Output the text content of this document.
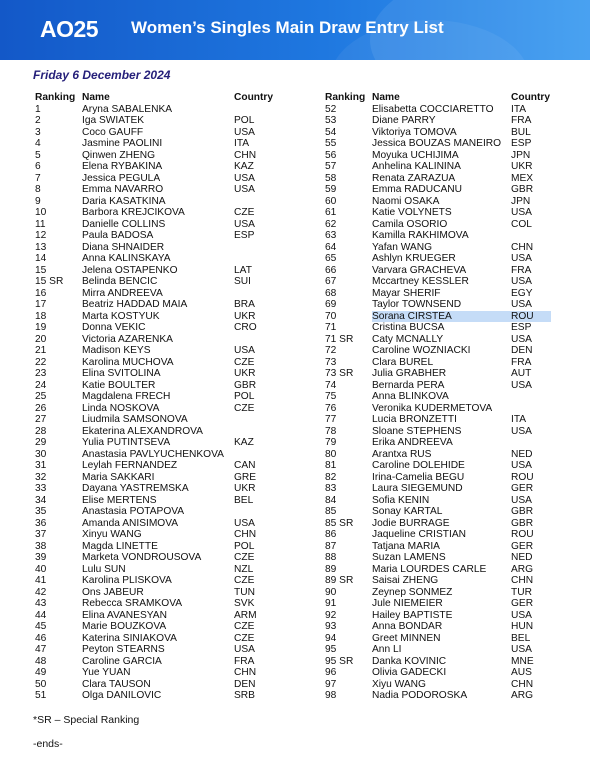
AO25 Women’s Singles Main Draw Entry List
Friday 6 December 2024
Ranking	Name	Country
1	Aryna SABALENKA	
2	Iga SWIATEK	POL
3	Coco GAUFF	USA
4	Jasmine PAOLINI	ITA
5	Qinwen ZHENG	CHN
6	Elena RYBAKINA	KAZ
7	Jessica PEGULA	USA
8	Emma NAVARRO	USA
9	Daria KASATKINA	
10	Barbora KREJCIKOVA	CZE
11	Danielle COLLINS	USA
12	Paula BADOSA	ESP
13	Diana SHNAIDER	
14	Anna KALINSKAYA	
15	Jelena OSTAPENKO	LAT
15 SR	Belinda BENCIC	SUI
16	Mirra ANDREEVA	
17	Beatriz HADDAD MAIA	BRA
18	Marta KOSTYUK	UKR
19	Donna VEKIC	CRO
20	Victoria AZARENKA	
21	Madison KEYS	USA
22	Karolina MUCHOVA	CZE
23	Elina SVITOLINA	UKR
24	Katie BOULTER	GBR
25	Magdalena FRECH	POL
26	Linda NOSKOVA	CZE
27	Liudmila SAMSONOVA	
28	Ekaterina ALEXANDROVA	
29	Yulia PUTINTSEVA	KAZ
30	Anastasia PAVLYUCHENKOVA	
31	Leylah FERNANDEZ	CAN
32	Maria SAKKARI	GRE
33	Dayana YASTREMSKA	UKR
34	Elise MERTENS	BEL
35	Anastasia POTAPOVA	
36	Amanda ANISIMOVA	USA
37	Xinyu WANG	CHN
38	Magda LINETTE	POL
39	Marketa VONDROUSOVA	CZE
40	Lulu SUN	NZL
41	Karolina PLISKOVA	CZE
42	Ons JABEUR	TUN
43	Rebecca SRAMKOVA	SVK
44	Elina AVANESYAN	ARM
45	Marie BOUZKOVA	CZE
46	Katerina SINIAKOVA	CZE
47	Peyton STEARNS	USA
48	Caroline GARCIA	FRA
49	Yue YUAN	CHN
50	Clara TAUSON	DEN
51	Olga DANILOVIC	SRB
Ranking	Name	Country
52	Elisabetta COCCIARETTO	ITA
53	Diane PARRY	FRA
54	Viktoriya TOMOVA	BUL
55	Jessica BOUZAS MANEIRO	ESP
56	Moyuka UCHIJIMA	JPN
57	Anhelina KALININA	UKR
58	Renata ZARAZUA	MEX
59	Emma RADUCANU	GBR
60	Naomi OSAKA	JPN
61	Katie VOLYNETS	USA
62	Camila OSORIO	COL
63	Kamilla RAKHIMOVA	
64	Yafan WANG	CHN
65	Ashlyn KRUEGER	USA
66	Varvara GRACHEVA	FRA
67	Mccartney KESSLER	USA
68	Mayar SHERIF	EGY
69	Taylor TOWNSEND	USA
70	Sorana CIRSTEA	ROU
71	Cristina BUCSA	ESP
71 SR	Caty MCNALLY	USA
72	Caroline WOZNIACKI	DEN
73	Clara BUREL	FRA
73 SR	Julia GRABHER	AUT
74	Bernarda PERA	USA
75	Anna BLINKOVA	
76	Veronika KUDERMETOVA	
77	Lucia BRONZETTI	ITA
78	Sloane STEPHENS	USA
79	Erika ANDREEVA	
80	Arantxa RUS	NED
81	Caroline DOLEHIDE	USA
82	Irina-Camelia BEGU	ROU
83	Laura SIEGEMUND	GER
84	Sofia KENIN	USA
85	Sonay KARTAL	GBR
85 SR	Jodie BURRAGE	GBR
86	Jaqueline CRISTIAN	ROU
87	Tatjana MARIA	GER
88	Suzan LAMENS	NED
89	Maria LOURDES CARLE	ARG
89 SR	Saisai ZHENG	CHN
90	Zeynep SONMEZ	TUR
91	Jule NIEMEIER	GER
92	Hailey BAPTISTE	USA
93	Anna BONDAR	HUN
94	Greet MINNEN	BEL
95	Ann LI	USA
95 SR	Danka KOVINIC	MNE
96	Olivia GADECKI	AUS
97	Xiyu WANG	CHN
98	Nadia PODOROSKA	ARG
*SR – Special Ranking
-ends-
